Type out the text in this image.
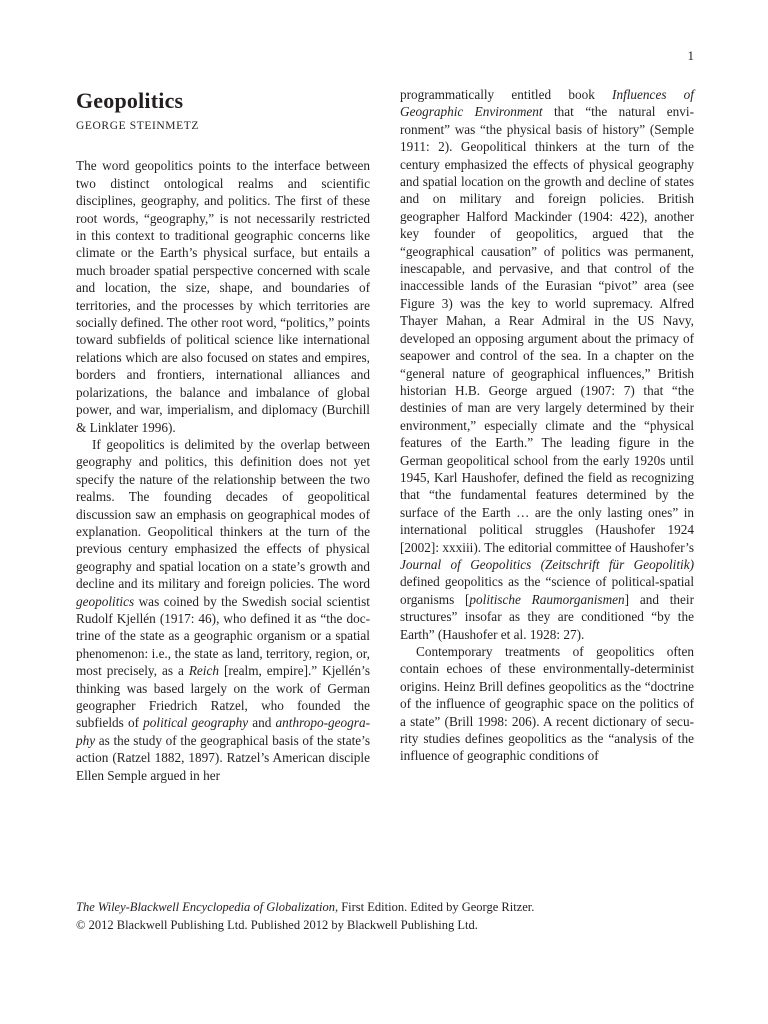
1
Geopolitics
GEORGE STEINMETZ

The word geopolitics points to the interface between two distinct ontological realms and scientific disciplines, geography, and politics. The first of these root words, “geography,” is not necessarily restricted in this context to traditional geographic concerns like climate or the Earth’s physical surface, but entails a much broader spatial perspective concerned with scale and location, the size, shape, and boundaries of territories, and the processes by which territories are socially defined. The other root word, “politics,” points toward subfields of political science like international relations which are also focused on states and empires, borders and frontiers, international alliances and polarizations, the balance and imbalance of global power, and war, imperialism, and diplomacy (Burchill & Linklater 1996).

If geopolitics is delimited by the overlap between geography and politics, this definition does not yet specify the nature of the relationship between the two realms. The founding decades of geopolitical discussion saw an emphasis on geographical modes of explanation. Geopolitical thinkers at the turn of the previous century emphasized the effects of physical geography and spatial location on a state’s growth and decline and its military and foreign policies. The word geopolitics was coined by the Swedish social scientist Rudolf Kjellén (1917: 46), who defined it as “the doctrine of the state as a geographic organism or a spatial phenomenon: i.e., the state as land, territory, region, or, most precisely, as a Reich [realm, empire].” Kjellén’s thinking was based largely on the work of German geographer Friedrich Ratzel, who founded the subfields of political geography and anthropo-geography as the study of the geographical basis of the state’s action (Ratzel 1882, 1897). Ratzel’s American disciple Ellen Semple argued in her

programmatically entitled book Influences of Geographic Environment that “the natural environment” was “the physical basis of history” (Semple 1911: 2). Geopolitical thinkers at the turn of the century emphasized the effects of physical geography and spatial location on the growth and decline of states and on military and foreign policies. British geographer Halford Mackinder (1904: 422), another key founder of geopolitics, argued that the “geographical causation” of politics was permanent, inescapable, and pervasive, and that control of the inaccessible lands of the Eurasian “pivot” area (see Figure 3) was the key to world supremacy. Alfred Thayer Mahan, a Rear Admiral in the US Navy, developed an opposing argument about the primacy of seapower and control of the sea. In a chapter on the “general nature of geographical influences,” British historian H.B. George argued (1907: 7) that “the destinies of man are very largely determined by their environment,” especially climate and the “physical features of the Earth.” The leading figure in the German geopolitical school from the early 1920s until 1945, Karl Haushofer, defined the field as recognizing that “the fundamental features determined by the surface of the Earth … are the only lasting ones” in international political struggles (Haushofer 1924 [2002]: xxxiii). The editorial committee of Haushofer’s Journal of Geopolitics (Zeitschrift für Geopolitik) defined geopolitics as the “science of political-spatial organisms [politische Raumorganismen] and their structures” insofar as they are conditioned “by the Earth” (Haushofer et al. 1928: 27).

Contemporary treatments of geopolitics often contain echoes of these environmentally-determinist origins. Heinz Brill defines geopolitics as the “doctrine of the influence of geographic space on the politics of a state” (Brill 1998: 206). A recent dictionary of security studies defines geopolitics as the “analysis of the influence of geographic conditions of

The Wiley-Blackwell Encyclopedia of Globalization, First Edition. Edited by George Ritzer.
© 2012 Blackwell Publishing Ltd. Published 2012 by Blackwell Publishing Ltd.
